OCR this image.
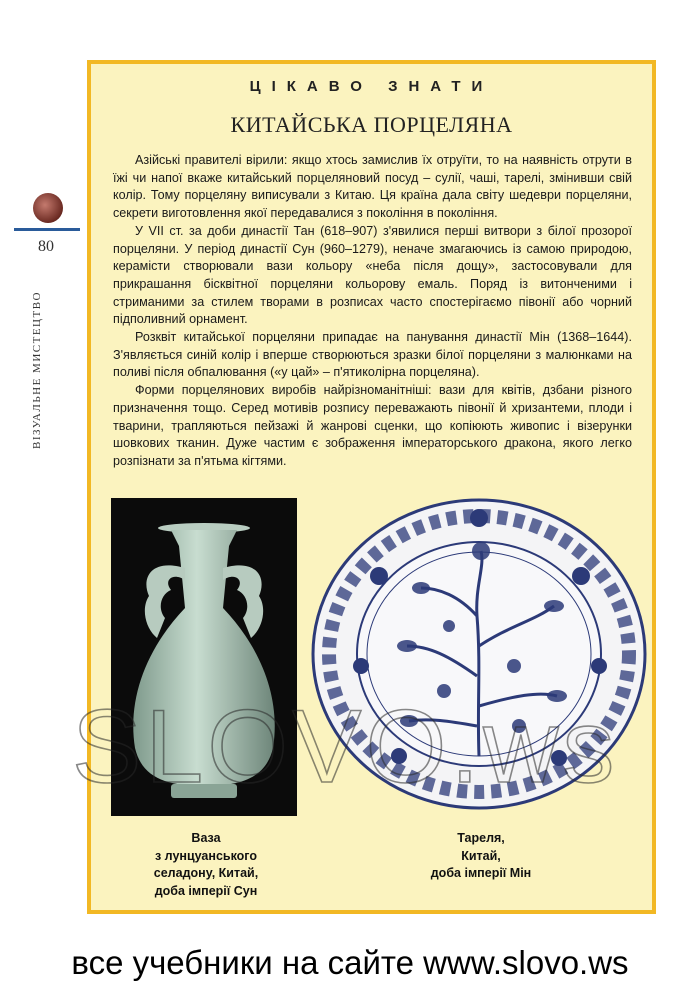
80
ВІЗУАЛЬНЕ МИСТЕЦТВО
ЦІКАВО ЗНАТИ
КИТАЙСЬКА ПОРЦЕЛЯНА

Азійські правителі вірили: якщо хтось замислив їх отруїти, то на наявність отрути в їжі чи напої вкаже китайський порцеляновий посуд – сулії, чаші, тарелі, змінивши свій колір. Тому порцеляну виписували з Китаю. Ця країна дала світу шедеври порцеляни, секрети виготовлення якої передавалися з покоління в покоління.

У VII ст. за доби династії Тан (618–907) з'явилися перші витвори з білої прозорої порцеляни. У період династії Сун (960–1279), неначе змагаючись із самою природою, кераміcти створювали вази кольору «неба після дощу», застосовували для прикрашання бісквітної порцеляни кольорову емаль. Поряд із витонченими і стриманими за стилем творами в розписах часто спостерігаємо півонії або чорний підполивний орнамент.

Розквіт китайської порцеляни припадає на панування династії Мін (1368–1644). З'являється синій колір і вперше створюються зразки білої порцеляни з малюнками на поливі після обпалювання («у цай» – п'ятиколірна порцеляна).

Форми порцелянових виробів найрізноманітніші: вази для квітів, дзбани різного призначення тощо. Серед мотивів розпису переважають півонії й хризантеми, плоди і тварини, трапляються пейзажі й жанрові сценки, що копіюють живопис і візерунки шовкових тканин. Дуже частим є зображення імператорського дракона, якого легко розпізнати за п'ятьма кігтями.

Ваза
з лунцуанського
селадону, Китай,
доба імперії Сун
Тареля,
Китай,
доба імперії Мін
SLOVO.ws
все учебники на сайте www.slovo.ws
